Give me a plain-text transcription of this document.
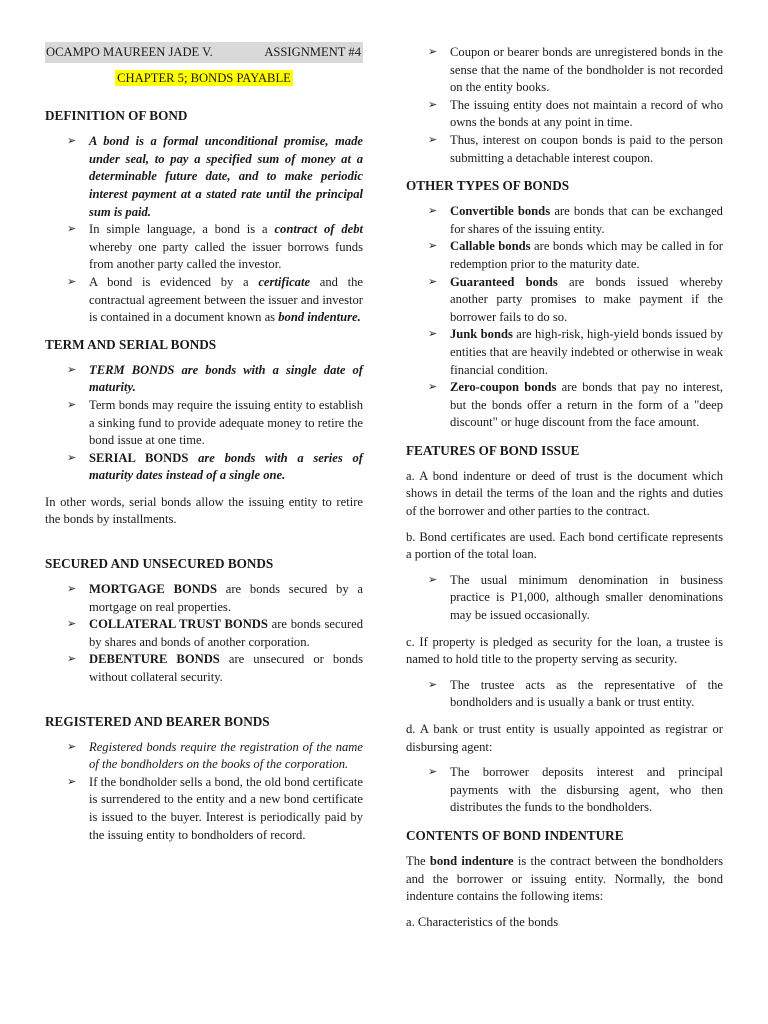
OCAMPO MAUREEN JADE V.	ASSIGNMENT #4
CHAPTER 5; BONDS PAYABLE
DEFINITION OF BOND
➢ A bond is a formal unconditional promise, made under seal, to pay a specified sum of money at a determinable future date, and to make periodic interest payment at a stated rate until the principal sum is paid.
➢ In simple language, a bond is a contract of debt whereby one party called the issuer borrows funds from another party called the investor.
➢ A bond is evidenced by a certificate and the contractual agreement between the issuer and investor is contained in a document known as bond indenture.
TERM AND SERIAL BONDS
➢ TERM BONDS are bonds with a single date of maturity.
➢ Term bonds may require the issuing entity to establish a sinking fund to provide adequate money to retire the bond issue at one time.
➢ SERIAL BONDS are bonds with a series of maturity dates instead of a single one.

In other words, serial bonds allow the issuing entity to retire the bonds by installments.

SECURED AND UNSECURED BONDS
➢ MORTGAGE BONDS are bonds secured by a mortgage on real properties.
➢ COLLATERAL TRUST BONDS are bonds secured by shares and bonds of another corporation.
➢ DEBENTURE BONDS are unsecured or bonds without collateral security.
REGISTERED AND BEARER BONDS
➢ Registered bonds require the registration of the name of the bondholders on the books of the corporation.
➢ If the bondholder sells a bond, the old bond certificate is surrendered to the entity and a new bond certificate is issued to the buyer. Interest is periodically paid by the issuing entity to bondholders of record.
➢ Coupon or bearer bonds are unregistered bonds in the sense that the name of the bondholder is not recorded on the entity books.
➢ The issuing entity does not maintain a record of who owns the bonds at any point in time.
➢ Thus, interest on coupon bonds is paid to the person submitting a detachable interest coupon.
OTHER TYPES OF BONDS
➢ Convertible bonds are bonds that can be exchanged for shares of the issuing entity.
➢ Callable bonds are bonds which may be called in for redemption prior to the maturity date.
➢ Guaranteed bonds are bonds issued whereby another party promises to make payment if the borrower fails to do so.
➢ Junk bonds are high-risk, high-yield bonds issued by entities that are heavily indebted or otherwise in weak financial condition.
➢ Zero-coupon bonds are bonds that pay no interest, but the bonds offer a return in the form of a "deep discount" or huge discount from the face amount.
FEATURES OF BOND ISSUE

a. A bond indenture or deed of trust is the document which shows in detail the terms of the loan and the rights and duties of the borrower and other parties to the contract.

b. Bond certificates are used. Each bond certificate represents a portion of the total loan.

➢ The usual minimum denomination in business practice is P1,000, although smaller denominations may be issued occasionally.

c. If property is pledged as security for the loan, a trustee is named to hold title to the property serving as security.

➢ The trustee acts as the representative of the bondholders and is usually a bank or trust entity.

d. A bank or trust entity is usually appointed as registrar or disbursing agent:

➢ The borrower deposits interest and principal payments with the disbursing agent, who then distributes the funds to the bondholders.
CONTENTS OF BOND INDENTURE

The bond indenture is the contract between the bondholders and the borrower or issuing entity. Normally, the bond indenture contains the following items:

a. Characteristics of the bonds
